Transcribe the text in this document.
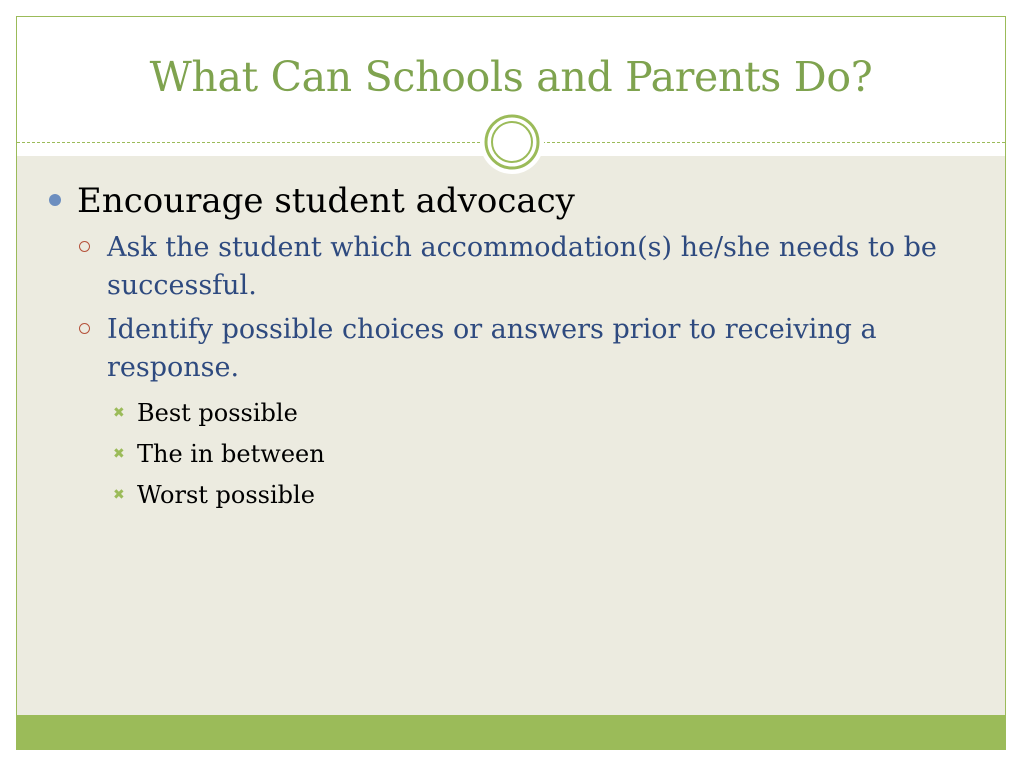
What Can Schools and Parents Do?
Encourage student advocacy
Ask the student which accommodation(s) he/she needs to be successful.
Identify possible choices or answers prior to receiving a response.
✖ Best possible
✖ The in between
✖ Worst possible
